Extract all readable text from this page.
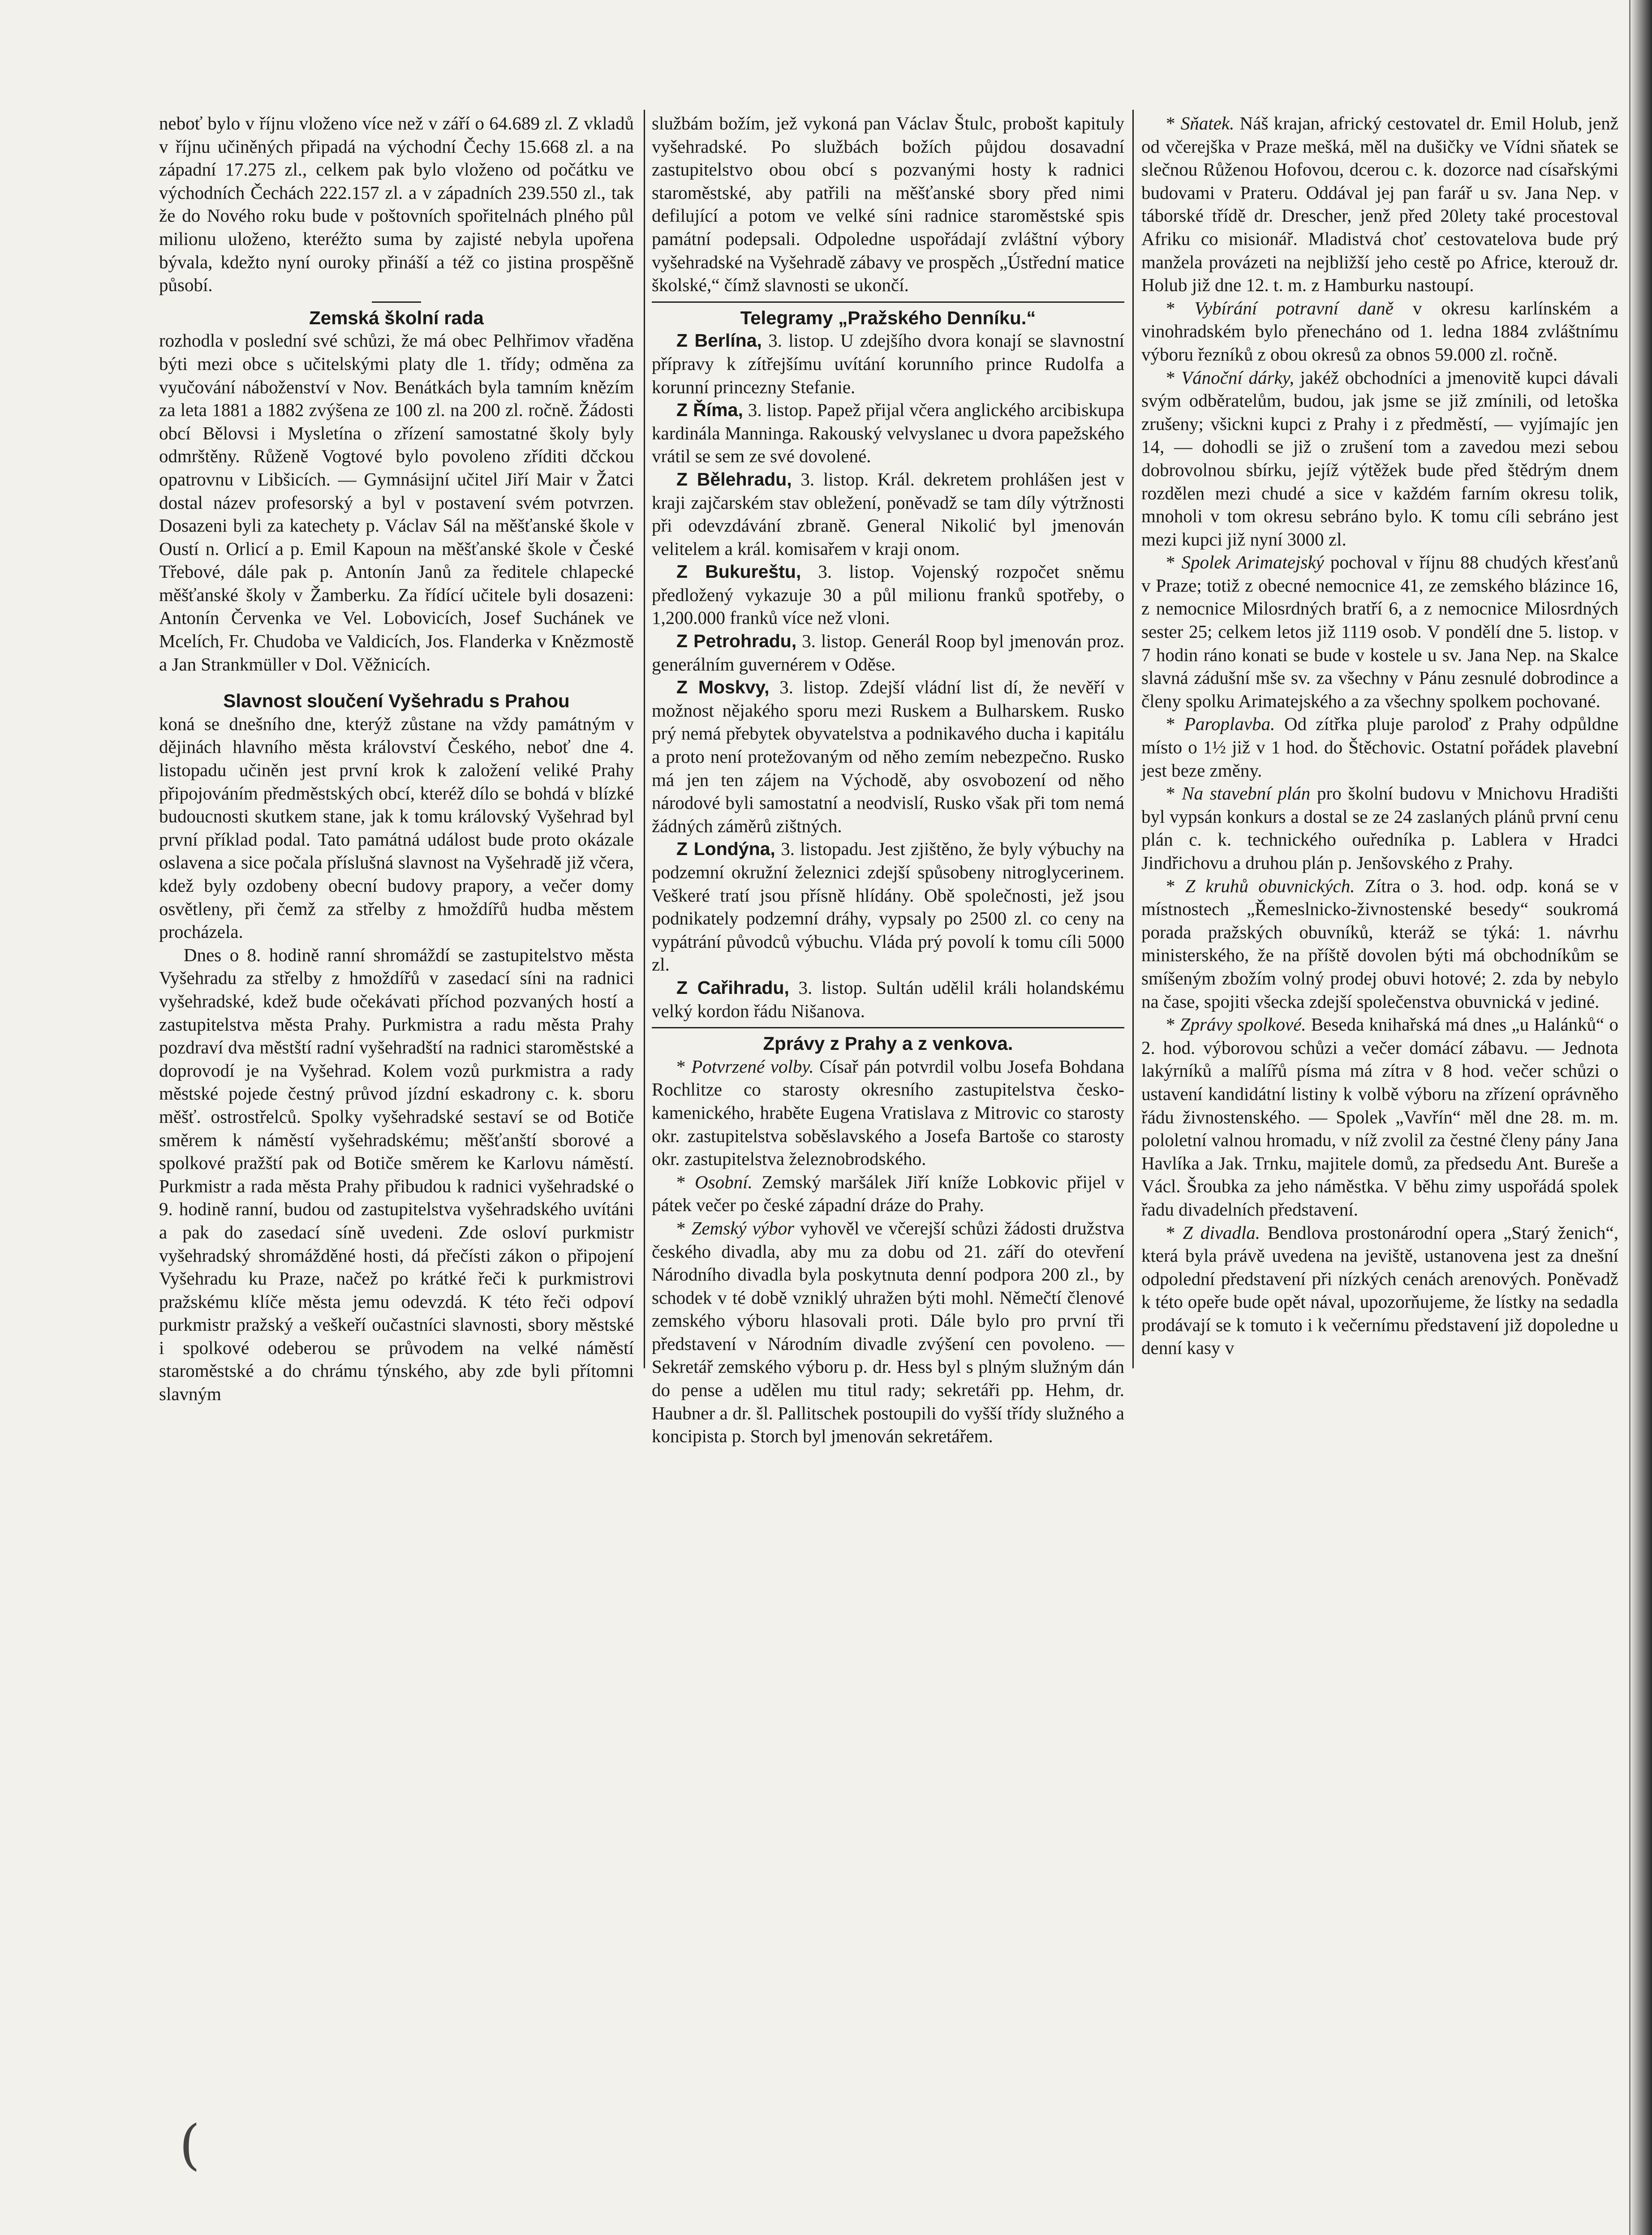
neboť bylo v říjnu vloženo více než v září o 64.689 zl. Z vkladů v říjnu učiněných připadá na východní Čechy 15.668 zl. a na západní 17.275 zl., celkem pak bylo vloženo od počátku ve východních Čechách 222.157 zl. a v západních 239.550 zl., tak že do Nového roku bude v poštovních spořitelnách plného půl milionu uloženo, kteréžto suma by zajisté nebyla upořena bývala, kdežto nyní ouroky přináší a též co jistina prospěšně působí.

Zemská školní rada

rozhodla v poslední své schůzi, že má obec Pelhřimov vřaděna býti mezi obce s učitelskými platy dle 1. třídy; odměna za vyučování náboženství v Nov. Benátkách byla tamním knězím za leta 1881 a 1882 zvýšena ze 100 zl. na 200 zl. ročně. Žádosti obcí Bělovsi i Mysletína o zřízení samostatné školy byly odmrštěny. Růženě Vogtové bylo povoleno zříditi dčckou opatrovnu v Libšicích. — Gymnásijní učitel Jiří Mair v Žatci dostal název profesorský a byl v postavení svém potvrzen. Dosazeni byli za katechety p. Václav Sál na měšťanské škole v Oustí n. Orlicí a p. Emil Kapoun na měšťanské škole v České Třebové, dále pak p. Antonín Janů za ředitele chlapecké měšťanské školy v Žamberku. Za řídící učitele byli dosazeni: Antonín Červenka ve Vel. Lobovicích, Josef Suchánek ve Mcelích, Fr. Chudoba ve Valdicích, Jos. Flanderka v Knězmostě a Jan Strankmüller v Dol. Věžnicích.

Slavnost sloučení Vyšehradu s Prahou

koná se dnešního dne, kterýž zůstane na vždy památným v dějinách hlavního města království Českého, neboť dne 4. listopadu učiněn jest první krok k založení veliké Prahy připojováním předměstských obcí, kteréž dílo se bohdá v blízké budoucnosti skutkem stane, jak k tomu královský Vyšehrad byl první příklad podal. Tato památná událost bude proto okázale oslavena a sice počala příslušná slavnost na Vyšehradě již včera, kdež byly ozdobeny obecní budovy prapory, a večer domy osvětleny, při čemž za střelby z hmoždířů hudba městem procházela.

Dnes o 8. hodině ranní shromáždí se zastupitelstvo města Vyšehradu za střelby z hmoždířů v zasedací síni na radnici vyšehradské, kdež bude očekávati příchod pozvaných hostí a zastupitelstva města Prahy. Purkmistra a radu města Prahy pozdraví dva městští radní vyšehradští na radnici staroměstské a doprovodí je na Vyšehrad. Kolem vozů purkmistra a rady městské pojede čestný průvod jízdní eskadrony c. k. sboru měšť. ostrostřelců. Spolky vyšehradské sestaví se od Botiče směrem k náměstí vyšehradskému; měšťanští sborové a spolkové pražští pak od Botiče směrem ke Karlovu náměstí. Purkmistr a rada města Prahy přibudou k radnici vyšehradské o 9. hodině ranní, budou od zastupitelstva vyšehradského uvítáni a pak do zasedací síně uvedeni. Zde osloví purkmistr vyšehradský shromážděné hosti, dá přečísti zákon o připojení Vyšehradu ku Praze, načež po krátké řeči k purkmistrovi pražskému klíče města jemu odevzdá. K této řeči odpoví purkmistr pražský a veškeří oučastníci slavnosti, sbory městské i spolkové odeberou se průvodem na velké náměstí staroměstské a do chrámu týnského, aby zde byli přítomni slavným

službám božím, jež vykoná pan Václav Štulc, probošt kapituly vyšehradské. Po službách božích půjdou dosavadní zastupitelstvo obou obcí s pozvanými hosty k radnici staroměstské, aby patřili na měšťanské sbory před nimi defilující a potom ve velké síni radnice staroměstské spis památní podepsali. Odpoledne uspořádají zvláštní výbory vyšehradské na Vyšehradě zábavy ve prospěch „Ústřední matice školské,“ čímž slavnosti se ukončí.

Telegramy „Pražského Denníku.“

Z Berlína, 3. listop. U zdejšího dvora konají se slavnostní přípravy k zítřejšímu uvítání korunního prince Rudolfa a korunní princezny Stefanie.

Z Říma, 3. listop. Papež přijal včera anglického arcibiskupa kardinála Manninga. Rakouský velvyslanec u dvora papežského vrátil se sem ze své dovolené.

Z Bělehradu, 3. listop. Král. dekretem prohlášen jest v kraji zajčarském stav obležení, poněvadž se tam díly výtržnosti při odevzdávání zbraně. General Nikolić byl jmenován velitelem a král. komisařem v kraji onom.

Z Bukureštu, 3. listop. Vojenský rozpočet sněmu předložený vykazuje 30 a půl milionu franků spotřeby, o 1,200.000 franků více než vloni.

Z Petrohradu, 3. listop. Generál Roop byl jmenován proz. generálním guvernérem v Oděse.

Z Moskvy, 3. listop. Zdejší vládní list dí, že nevěří v možnost nějakého sporu mezi Ruskem a Bulharskem. Rusko prý nemá přebytek obyvatelstva a podnikavého ducha i kapitálu a proto není protežovaným od něho zemím nebezpečno. Rusko má jen ten zájem na Východě, aby osvobození od něho národové byli samostatní a neodvislí, Rusko však při tom nemá žádných záměrů zištných.

Z Londýna, 3. listopadu. Jest zjištěno, že byly výbuchy na podzemní okružní železnici zdejší spůsobeny nitroglycerinem. Veškeré tratí jsou přísně hlídány. Obě společnosti, jež jsou podnikately podzemní dráhy, vypsaly po 2500 zl. co ceny na vypátrání původců výbuchu. Vláda prý povolí k tomu cíli 5000 zl.

Z Cařihradu, 3. listop. Sultán udělil králi holandskému velký kordon řádu Nišanova.

Zprávy z Prahy a z venkova.

* Potvrzené volby. Císař pán potvrdil volbu Josefa Bohdana Rochlitze co starosty okresního zastupitelstva česko-kamenického, hraběte Eugena Vratislava z Mitrovic co starosty okr. zastupitelstva soběslavského a Josefa Bartoše co starosty okr. zastupitelstva železnobrodského.

* Osobní. Zemský maršálek Jiří kníže Lobkovic přijel v pátek večer po české západní dráze do Prahy.

* Zemský výbor vyhověl ve včerejší schůzi žádosti družstva českého divadla, aby mu za dobu od 21. září do otevření Národního divadla byla poskytnuta denní podpora 200 zl., by schodek v té době vzniklý uhražen býti mohl. Němečtí členové zemského výboru hlasovali proti. Dále bylo pro první tři představení v Národním divadle zvýšení cen povoleno. — Sekretář zemského výboru p. dr. Hess byl s plným služným dán do pense a udělen mu titul rady; sekretáři pp. Hehm, dr. Haubner a dr. šl. Pallitschek postoupili do vyšší třídy služného a koncipista p. Storch byl jmenován sekretářem.

* Sňatek. Náš krajan, africký cestovatel dr. Emil Holub, jenž od včerejška v Praze mešká, měl na dušičky ve Vídni sňatek se slečnou Růženou Hofovou, dcerou c. k. dozorce nad císařskými budovami v Prateru. Oddával jej pan farář u sv. Jana Nep. v táborské třídě dr. Drescher, jenž před 20lety také procestoval Afriku co misionář. Mladistvá choť cestovatelova bude prý manžela provázeti na nejbližší jeho cestě po Africe, kterouž dr. Holub již dne 12. t. m. z Hamburku nastoupí.

* Vybírání potravní daně v okresu karlínském a vinohradském bylo přenecháno od 1. ledna 1884 zvláštnímu výboru řezníků z obou okresů za obnos 59.000 zl. ročně.

* Vánoční dárky, jakéž obchodníci a jmenovitě kupci dávali svým odběratelům, budou, jak jsme se již zmínili, od letoška zrušeny; všickni kupci z Prahy i z předměstí, — vyjímajíc jen 14, — dohodli se již o zrušení tom a zavedou mezi sebou dobrovolnou sbírku, jejíž výtěžek bude před štědrým dnem rozdělen mezi chudé a sice v každém farním okresu tolik, mnoholi v tom okresu sebráno bylo. K tomu cíli sebráno jest mezi kupci již nyní 3000 zl.

* Spolek Arimatejský pochoval v říjnu 88 chudých křesťanů v Praze; totiž z obecné nemocnice 41, ze zemského blázince 16, z nemocnice Milosrdných bratří 6, a z nemocnice Milosrdných sester 25; celkem letos již 1119 osob. V pondělí dne 5. listop. v 7 hodin ráno konati se bude v kostele u sv. Jana Nep. na Skalce slavná zádušní mše sv. za všechny v Pánu zesnulé dobrodince a členy spolku Arimatejského a za všechny spolkem pochované.

* Paroplavba. Od zítřka pluje paroloď z Prahy odpůldne místo o 1½ již v 1 hod. do Štěchovic. Ostatní pořádek plavební jest beze změny.

* Na stavební plán pro školní budovu v Mnichovu Hradišti byl vypsán konkurs a dostal se ze 24 zaslaných plánů první cenu plán c. k. technického ouředníka p. Lablera v Hradci Jindřichovu a druhou plán p. Jenšovského z Prahy.

* Z kruhů obuvnických. Zítra o 3. hod. odp. koná se v místnostech „Řemeslnicko-živnostenské besedy“ soukromá porada pražských obuvníků, kteráž se týká: 1. návrhu ministerského, že na příště dovolen býti má obchodníkům se smíšeným zbožím volný prodej obuvi hotové; 2. zda by nebylo na čase, spojiti všecka zdejší společenstva obuvnická v jediné.

* Zprávy spolkové. Beseda knihařská má dnes „u Halánků“ o 2. hod. výborovou schůzi a večer domácí zábavu. — Jednota lakýrníků a malířů písma má zítra v 8 hod. večer schůzi o ustavení kandidátní listiny k volbě výboru na zřízení oprávněho řádu živnostenského. — Spolek „Vavřín“ měl dne 28. m. m. pololetní valnou hromadu, v níž zvolil za čestné členy pány Jana Havlíka a Jak. Trnku, majitele domů, za předsedu Ant. Burešе a Václ. Šroubka za jeho náměstka. V běhu zimy uspořádá spolek řadu divadelních představení.

* Z divadla. Bendlova prostonárodní opera „Starý ženich“, která byla právě uvedena na jeviště, ustanovena jest za dnešní odpolední představení při nízkých cenách arenových. Poněvadž k této opeře bude opět nával, upozorňujeme, že lístky na sedadla prodávají se k tomuto i k večernímu představení již dopoledne u denní kasy v

(
